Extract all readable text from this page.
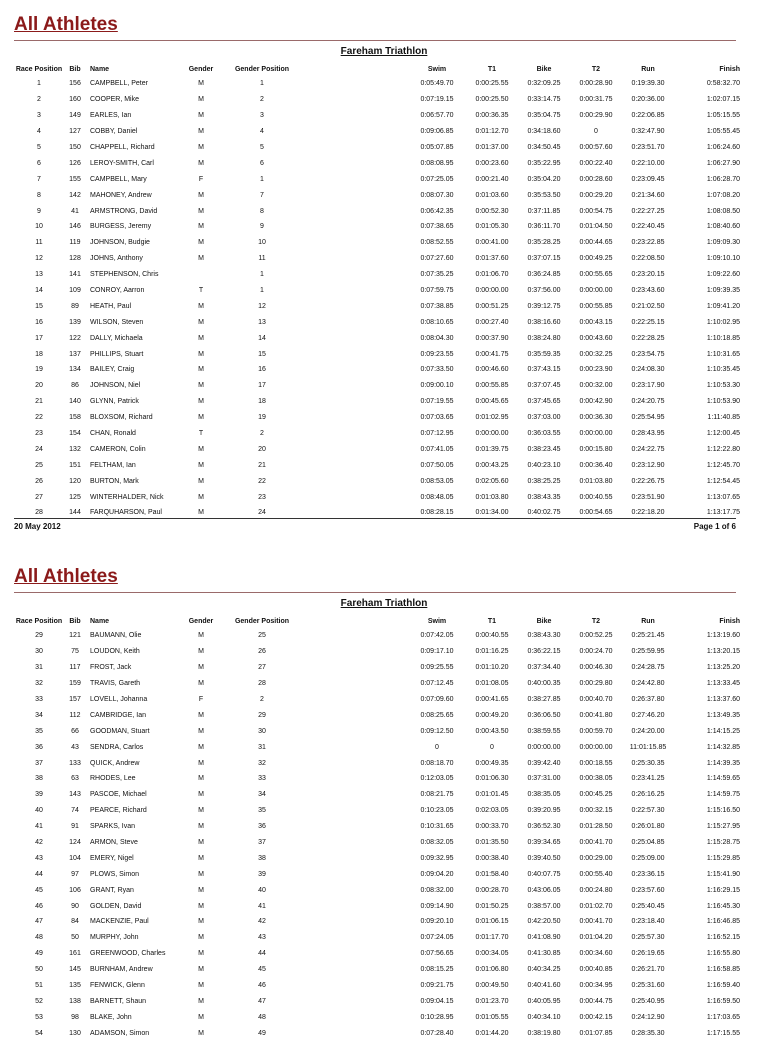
All Athletes
Fareham Triathlon
Race Position	Bib	Name	Gender	Gender Position		Swim	T1	Bike	T2	Run	Finish
1	156	CAMPBELL, Peter	M	1		0:05:49.70	0:00:25.55	0:32:09.25	0:00:28.90	0:19:39.30	0:58:32.70
2	160	COOPER, Mike	M	2		0:07:19.15	0:00:25.50	0:33:14.75	0:00:31.75	0:20:36.00	1:02:07.15
3	149	EARLES, Ian	M	3		0:06:57.70	0:00:36.35	0:35:04.75	0:00:29.90	0:22:06.85	1:05:15.55
4	127	COBBY, Daniel	M	4		0:09:06.85	0:01:12.70	0:34:18.60	0	0:32:47.90	1:05:55.45
5	150	CHAPPELL, Richard	M	5		0:05:07.85	0:01:37.00	0:34:50.45	0:00:57.60	0:23:51.70	1:06:24.60
6	126	LEROY-SMITH, Carl	M	6		0:08:08.95	0:00:23.60	0:35:22.95	0:00:22.40	0:22:10.00	1:06:27.90
7	155	CAMPBELL, Mary	F	1		0:07:25.05	0:00:21.40	0:35:04.20	0:00:28.60	0:23:09.45	1:06:28.70
8	142	MAHONEY, Andrew	M	7		0:08:07.30	0:01:03.60	0:35:53.50	0:00:29.20	0:21:34.60	1:07:08.20
9	41	ARMSTRONG, David	M	8		0:06:42.35	0:00:52.30	0:37:11.85	0:00:54.75	0:22:27.25	1:08:08.50
10	146	BURGESS, Jeremy	M	9		0:07:38.65	0:01:05.30	0:36:11.70	0:01:04.50	0:22:40.45	1:08:40.60
11	119	JOHNSON, Budgie	M	10		0:08:52.55	0:00:41.00	0:35:28.25	0:00:44.65	0:23:22.85	1:09:09.30
12	128	JOHNS, Anthony	M	11		0:07:27.60	0:01:37.60	0:37:07.15	0:00:49.25	0:22:08.50	1:09:10.10
13	141	STEPHENSON, Chris		1		0:07:35.25	0:01:06.70	0:36:24.85	0:00:55.65	0:23:20.15	1:09:22.60
14	109	CONROY, Aarron	T	1		0:07:59.75	0:00:00.00	0:37:56.00	0:00:00.00	0:23:43.60	1:09:39.35
15	89	HEATH, Paul	M	12		0:07:38.85	0:00:51.25	0:39:12.75	0:00:55.85	0:21:02.50	1:09:41.20
16	139	WILSON, Steven	M	13		0:08:10.65	0:00:27.40	0:38:16.60	0:00:43.15	0:22:25.15	1:10:02.95
17	122	DALLY, Michaela	M	14		0:08:04.30	0:00:37.90	0:38:24.80	0:00:43.60	0:22:28.25	1:10:18.85
18	137	PHILLIPS, Stuart	M	15		0:09:23.55	0:00:41.75	0:35:59.35	0:00:32.25	0:23:54.75	1:10:31.65
19	134	BAILEY, Craig	M	16		0:07:33.50	0:00:46.60	0:37:43.15	0:00:23.90	0:24:08.30	1:10:35.45
20	86	JOHNSON, Niel	M	17		0:09:00.10	0:00:55.85	0:37:07.45	0:00:32.00	0:23:17.90	1:10:53.30
21	140	GLYNN, Patrick	M	18		0:07:19.55	0:00:45.65	0:37:45.65	0:00:42.90	0:24:20.75	1:10:53.90
22	158	BLOXSOM, Richard	M	19		0:07:03.65	0:01:02.95	0:37:03.00	0:00:36.30	0:25:54.95	1:11:40.85
23	154	CHAN, Ronald	T	2		0:07:12.95	0:00:00.00	0:36:03.55	0:00:00.00	0:28:43.95	1:12:00.45
24	132	CAMERON, Colin	M	20		0:07:41.05	0:01:39.75	0:38:23.45	0:00:15.80	0:24:22.75	1:12:22.80
25	151	FELTHAM, Ian	M	21		0:07:50.05	0:00:43.25	0:40:23.10	0:00:36.40	0:23:12.90	1:12:45.70
26	120	BURTON, Mark	M	22		0:08:53.05	0:02:05.60	0:38:25.25	0:01:03.80	0:22:26.75	1:12:54.45
27	125	WINTERHALDER, Nick	M	23		0:08:48.05	0:01:03.80	0:38:43.35	0:00:40.55	0:23:51.90	1:13:07.65
28	144	FARQUHARSON, Paul	M	24		0:08:28.15	0:01:34.00	0:40:02.75	0:00:54.65	0:22:18.20	1:13:17.75
20 May 2012	Page 1 of 6
All Athletes
Fareham Triathlon
Race Position	Bib	Name	Gender	Gender Position		Swim	T1	Bike	T2	Run	Finish
29	121	BAUMANN, Olie	M	25		0:07:42.05	0:00:40.55	0:38:43.30	0:00:52.25	0:25:21.45	1:13:19.60
30	75	LOUDON, Keith	M	26		0:09:17.10	0:01:16.25	0:36:22.15	0:00:24.70	0:25:59.95	1:13:20.15
31	117	FROST, Jack	M	27		0:09:25.55	0:01:10.20	0:37:34.40	0:00:46.30	0:24:28.75	1:13:25.20
32	159	TRAVIS, Gareth	M	28		0:07:12.45	0:01:08.05	0:40:00.35	0:00:29.80	0:24:42.80	1:13:33.45
33	157	LOVELL, Johanna	F	2		0:07:09.60	0:00:41.65	0:38:27.85	0:00:40.70	0:26:37.80	1:13:37.60
34	112	CAMBRIDGE, Ian	M	29		0:08:25.65	0:00:49.20	0:36:06.50	0:00:41.80	0:27:46.20	1:13:49.35
35	66	GOODMAN, Stuart	M	30		0:09:12.50	0:00:43.50	0:38:59.55	0:00:59.70	0:24:20.00	1:14:15.25
36	43	SENDRA, Carlos	M	31		0	0	0:00:00.00	0:00:00.00	11:01:15.85	1:14:32.85
37	133	QUICK, Andrew	M	32		0:08:18.70	0:00:49.35	0:39:42.40	0:00:18.55	0:25:30.35	1:14:39.35
38	63	RHODES, Lee	M	33		0:12:03.05	0:01:06.30	0:37:31.00	0:00:38.05	0:23:41.25	1:14:59.65
39	143	PASCOE, Michael	M	34		0:08:21.75	0:01:01.45	0:38:35.05	0:00:45.25	0:26:16.25	1:14:59.75
40	74	PEARCE, Richard	M	35		0:10:23.05	0:02:03.05	0:39:20.95	0:00:32.15	0:22:57.30	1:15:16.50
41	91	SPARKS, Ivan	M	36		0:10:31.65	0:00:33.70	0:36:52.30	0:01:28.50	0:26:01.80	1:15:27.95
42	124	ARMON, Steve	M	37		0:08:32.05	0:01:35.50	0:39:34.65	0:00:41.70	0:25:04.85	1:15:28.75
43	104	EMERY, Nigel	M	38		0:09:32.95	0:00:38.40	0:39:40.50	0:00:29.00	0:25:09.00	1:15:29.85
44	97	PLOWS, Simon	M	39		0:09:04.20	0:01:58.40	0:40:07.75	0:00:55.40	0:23:36.15	1:15:41.90
45	106	GRANT, Ryan	M	40		0:08:32.00	0:00:28.70	0:43:06.05	0:00:24.80	0:23:57.60	1:16:29.15
46	90	GOLDEN, David	M	41		0:09:14.90	0:01:50.25	0:38:57.00	0:01:02.70	0:25:40.45	1:16:45.30
47	84	MACKENZIE, Paul	M	42		0:09:20.10	0:01:06.15	0:42:20.50	0:00:41.70	0:23:18.40	1:16:46.85
48	50	MURPHY, John	M	43		0:07:24.05	0:01:17.70	0:41:08.90	0:01:04.20	0:25:57.30	1:16:52.15
49	161	GREENWOOD, Charles	M	44		0:07:56.65	0:00:34.05	0:41:30.85	0:00:34.60	0:26:19.65	1:16:55.80
50	145	BURNHAM, Andrew	M	45		0:08:15.25	0:01:06.80	0:40:34.25	0:00:40.85	0:26:21.70	1:16:58.85
51	135	FENWICK, Glenn	M	46		0:09:21.75	0:00:49.50	0:40:41.60	0:00:34.95	0:25:31.60	1:16:59.40
52	138	BARNETT, Shaun	M	47		0:09:04.15	0:01:23.70	0:40:05.95	0:00:44.75	0:25:40.95	1:16:59.50
53	98	BLAKE, John	M	48		0:10:28.95	0:01:05.55	0:40:34.10	0:00:42.15	0:24:12.90	1:17:03.65
54	130	ADAMSON, Simon	M	49		0:07:28.40	0:01:44.20	0:38:19.80	0:01:07.85	0:28:35.30	1:17:15.55
